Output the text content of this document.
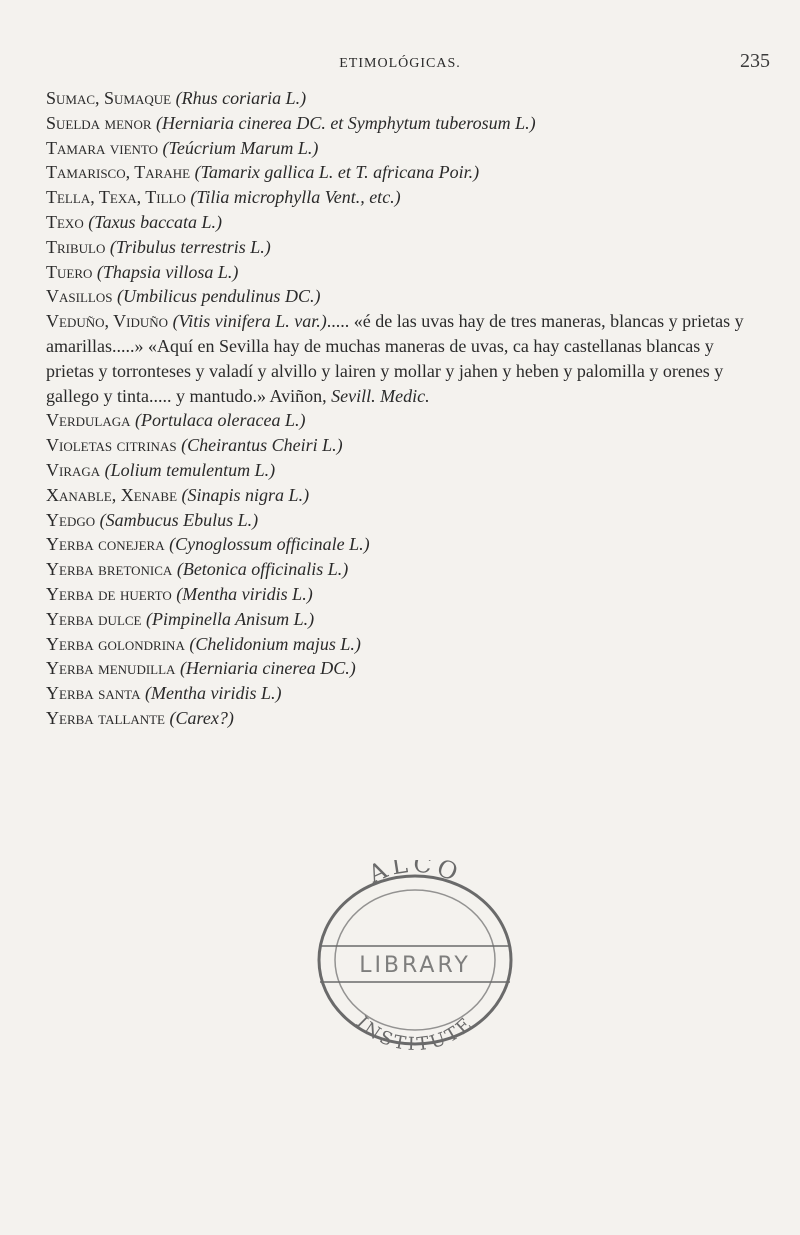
ETIMOLÓGICAS.	235

Sumac, Sumaque (Rhus coriaria L.)

Suelda menor (Herniaria cinerea DC. et Symphytum tuberosum L.)

Tamara viento (Teúcrium Marum L.)

Tamarisco, Tarahe (Tamarix gallica L. et T. africana Poir.)

Tella, Texa, Tillo (Tilia microphylla Vent., etc.)

Texo (Taxus baccata L.)

Tribulo (Tribulus terrestris L.)

Tuero (Thapsia villosa L.)

Vasillos (Umbilicus pendulinus DC.)

Veduño, Viduño (Vitis vinifera L. var.)..... «é de las uvas hay de tres maneras, blancas y prietas y amarillas.....» «Aquí en Sevilla hay de muchas maneras de uvas, ca hay castellanas blancas y prietas y torronteses y valadí y alvillo y lairen y mollar y jahen y heben y palomilla y orenes y gallego y tinta..... y mantudo.» Aviñon, Sevill. Medic.

Verdulaga (Portulaca oleracea L.)

Violetas citrinas (Cheirantus Cheiri L.)

Viraga (Lolium temulentum L.)

Xanable, Xenabe (Sinapis nigra L.)

Yedgo (Sambucus Ebulus L.)

Yerba conejera (Cynoglossum officinale L.)

Yerba bretonica (Betonica officinalis L.)

Yerba de huerto (Mentha viridis L.)

Yerba dulce (Pimpinella Anisum L.)

Yerba golondrina (Chelidonium majus L.)

Yerba menudilla (Herniaria cinerea DC.)

Yerba santa (Mentha viridis L.)

Yerba tallante (Carex?)

ALCO
LIBRARY
INSTITUTE
